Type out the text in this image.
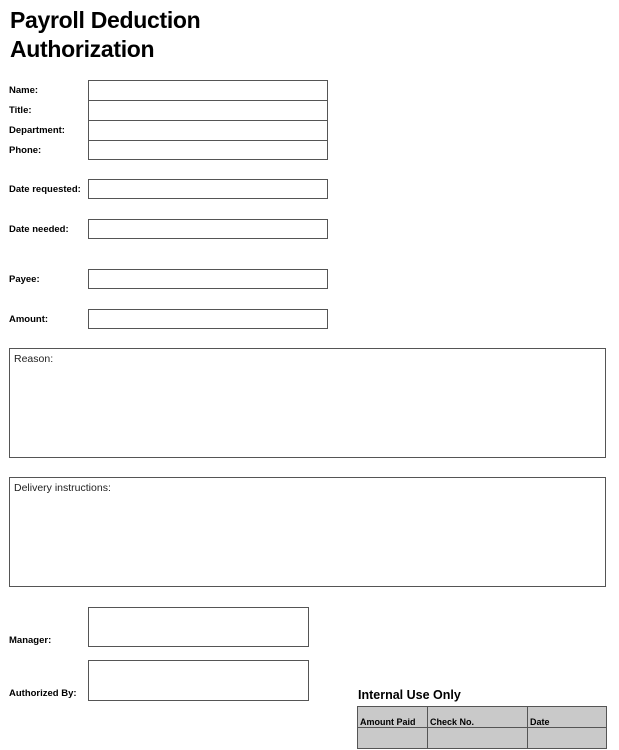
Payroll Deduction
Authorization
Name:
Title:
Department:
Phone:
Date requested:
Date needed:
Payee:
Amount:
Reason:
Delivery instructions:
Manager:
Authorized By:	Internal Use Only
Amount Paid	Check No.	Date
